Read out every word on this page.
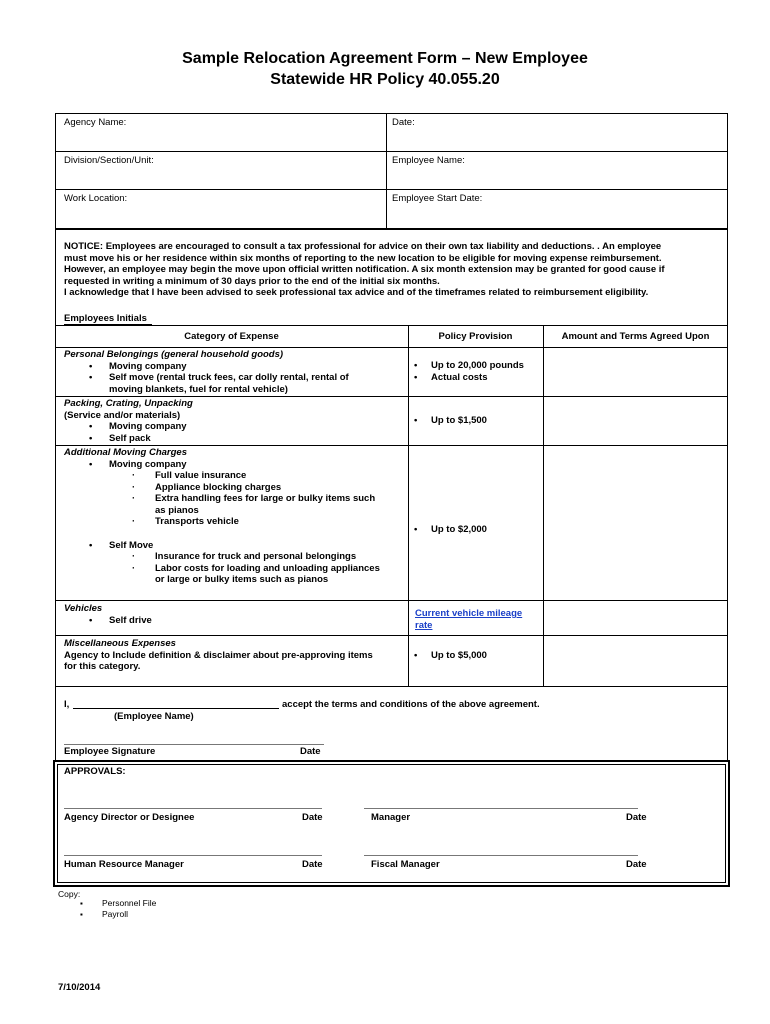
Sample Relocation Agreement Form – New Employee
Statewide HR Policy 40.055.20
Agency Name:	Date:
Division/Section/Unit:	Employee Name:
Work Location:	Employee Start Date:
NOTICE: Employees are encouraged to consult a tax professional for advice on their own tax liability and deductions. . An employee
must move his or her residence within six months of reporting to the new location to be eligible for moving expense reimbursement.
However, an employee may begin the move upon official written notification. A six month extension may be granted for good cause if
requested in writing a minimum of 30 days prior to the end of the initial six months.
I acknowledge that I have been advised to seek professional tax advice and of the timeframes related to reimbursement eligibility.
Employees Initials
Category of Expense	Policy Provision	Amount and Terms Agreed Upon
Personal Belongings (general household goods)
• Moving company
• Self move (rental truck fees, car dolly rental, rental of
moving blankets, fuel for rental vehicle)
• Up to 20,000 pounds
• Actual costs
Packing, Crating, Unpacking
(Service and/or materials)
• Moving company
• Self pack
• Up to $1,500
Additional Moving Charges
• Moving company
· Full value insurance
· Appliance blocking charges
· Extra handling fees for large or bulky items such
as pianos
· Transports vehicle
• Self Move
· Insurance for truck and personal belongings
· Labor costs for loading and unloading appliances
or large or bulky items such as pianos
• Up to $2,000
Vehicles
• Self drive
Current vehicle mileage
rate
Miscellaneous Expenses
Agency to Include definition & disclaimer about pre-approving items
for this category.
• Up to $5,000
I,	accept the terms and conditions of the above agreement.
(Employee Name)
Employee Signature	Date
APPROVALS:
Agency Director or Designee	Date	Manager	Date
Human Resource Manager	Date	Fiscal Manager	Date
Copy:
▪ Personnel File
▪ Payroll
7/10/2014
